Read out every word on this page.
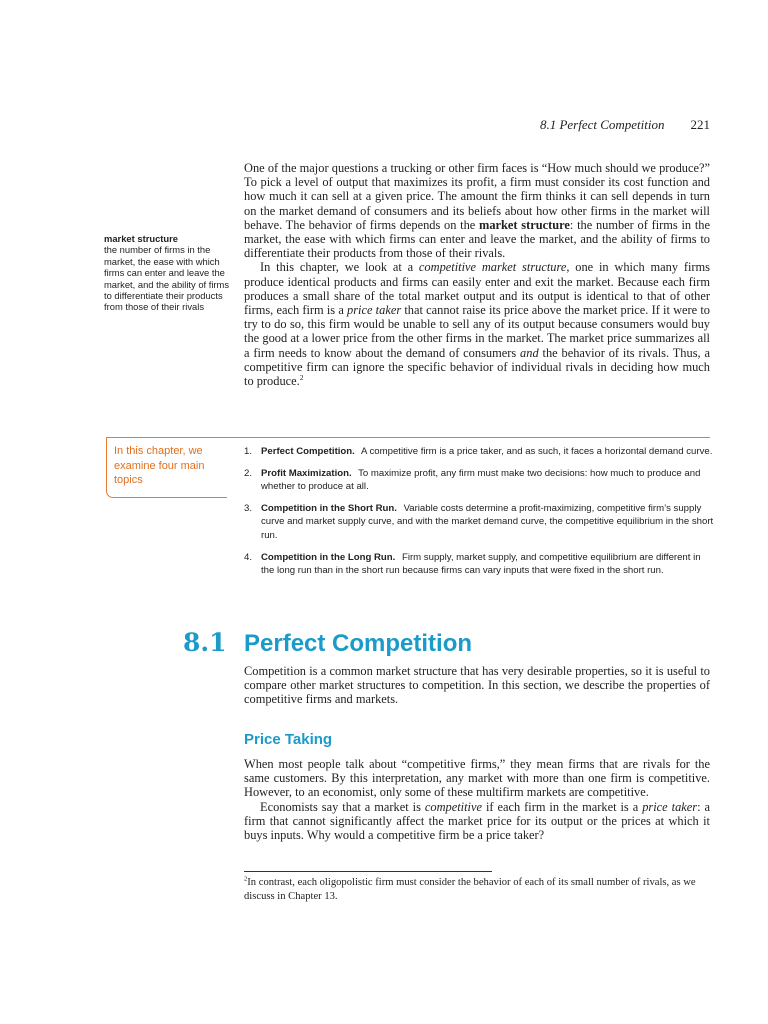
8.1 Perfect Competition 221
market structure
the number of firms in the market, the ease with which firms can enter and leave the market, and the ability of firms to differentiate their products from those of their rivals

One of the major questions a trucking or other firm faces is “How much should we produce?” To pick a level of output that maximizes its profit, a firm must consider its cost function and how much it can sell at a given price. The amount the firm thinks it can sell depends in turn on the market demand of consumers and its beliefs about how other firms in the market will behave. The behavior of firms depends on the market structure: the number of firms in the market, the ease with which firms can enter and leave the market, and the ability of firms to differentiate their products from those of their rivals.

In this chapter, we look at a competitive market structure, one in which many firms produce identical products and firms can easily enter and exit the market. Because each firm produces a small share of the total market output and its output is identical to that of other firms, each firm is a price taker that cannot raise its price above the market price. If it were to try to do so, this firm would be unable to sell any of its output because consumers would buy the good at a lower price from the other firms in the market. The market price summarizes all a firm needs to know about the demand of consumers and the behavior of its rivals. Thus, a competitive firm can ignore the specific behavior of individual rivals in deciding how much to produce.$^2$

In this chapter, we examine four main topics
1. Perfect Competition. A competitive firm is a price taker, and as such, it faces a horizontal demand curve.
2. Profit Maximization. To maximize profit, any firm must make two decisions: how much to produce and whether to produce at all.
3. Competition in the Short Run. Variable costs determine a profit-maximizing, competitive firm’s supply curve and market supply curve, and with the market demand curve, the competitive equilibrium in the short run.
4. Competition in the Long Run. Firm supply, market supply, and competitive equilibrium are different in the long run than in the short run because firms can vary inputs that were fixed in the short run.
8.1 Perfect Competition

Competition is a common market structure that has very desirable properties, so it is useful to compare other market structures to competition. In this section, we describe the properties of competitive firms and markets.

Price Taking

When most people talk about “competitive firms,” they mean firms that are rivals for the same customers. By this interpretation, any market with more than one firm is competitive. However, to an economist, only some of these multifirm markets are competitive.

Economists say that a market is competitive if each firm in the market is a price taker: a firm that cannot significantly affect the market price for its output or the prices at which it buys inputs. Why would a competitive firm be a price taker?

$^2$In contrast, each oligopolistic firm must consider the behavior of each of its small number of rivals, as we discuss in Chapter 13.
